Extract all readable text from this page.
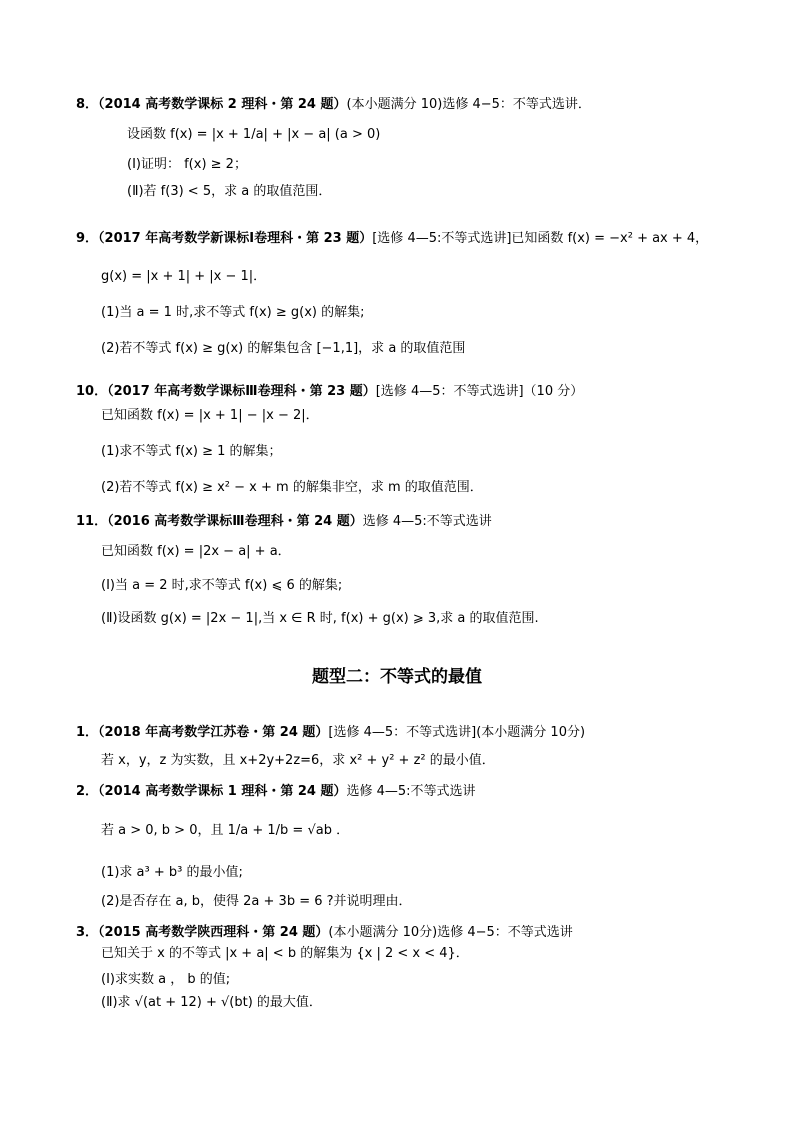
8．（2014 高考数学课标 2 理科・第 24 题）(本小题满分 10)选修 4−5：不等式选讲．
设函数 f(x) = |x + 1/a| + |x − a| (a > 0)
(Ⅰ)证明： f(x) ≥ 2；
(Ⅱ)若 f(3) < 5，求 a 的取值范围．
9．（2017 年高考数学新课标Ⅰ卷理科・第 23 题）[选修 4—5:不等式选讲]已知函数 f(x) = −x² + ax + 4，
g(x) = |x + 1| + |x − 1|．
(1)当 a = 1 时,求不等式 f(x) ≥ g(x) 的解集;
(2)若不等式 f(x) ≥ g(x) 的解集包含 [−1,1]，求 a 的取值范围
10．（2017 年高考数学课标Ⅲ卷理科・第 23 题）[选修 4—5：不等式选讲]（10 分）
已知函数 f(x) = |x + 1| − |x − 2|．
(1)求不等式 f(x) ≥ 1 的解集；
(2)若不等式 f(x) ≥ x² − x + m 的解集非空，求 m 的取值范围．
11．（2016 高考数学课标Ⅲ卷理科・第 24 题）选修 4—5:不等式选讲
已知函数 f(x) = |2x − a| + a．
(Ⅰ)当 a = 2 时,求不等式 f(x) ⩽ 6 的解集;
(Ⅱ)设函数 g(x) = |2x − 1|,当 x ∈ R 时, f(x) + g(x) ⩾ 3,求 a 的取值范围.
题型二：不等式的最值
1．（2018 年高考数学江苏卷・第 24 题）[选修 4—5：不等式选讲](本小题满分 10分)
若 x，y，z 为实数，且 x+2y+2z=6，求 x² + y² + z² 的最小值．
2．（2014 高考数学课标 1 理科・第 24 题）选修 4—5:不等式选讲
若 a > 0, b > 0，且 1/a + 1/b = √ab ．
(1)求 a³ + b³ 的最小值;
(2)是否存在 a, b，使得 2a + 3b = 6 ?并说明理由．
3．（2015 高考数学陕西理科・第 24 题）(本小题满分 10分)选修 4−5：不等式选讲
已知关于 x 的不等式 |x + a| < b 的解集为 {x | 2 < x < 4}．
(Ⅰ)求实数 a ， b 的值;
(Ⅱ)求 √(at + 12) + √(bt) 的最大值．
